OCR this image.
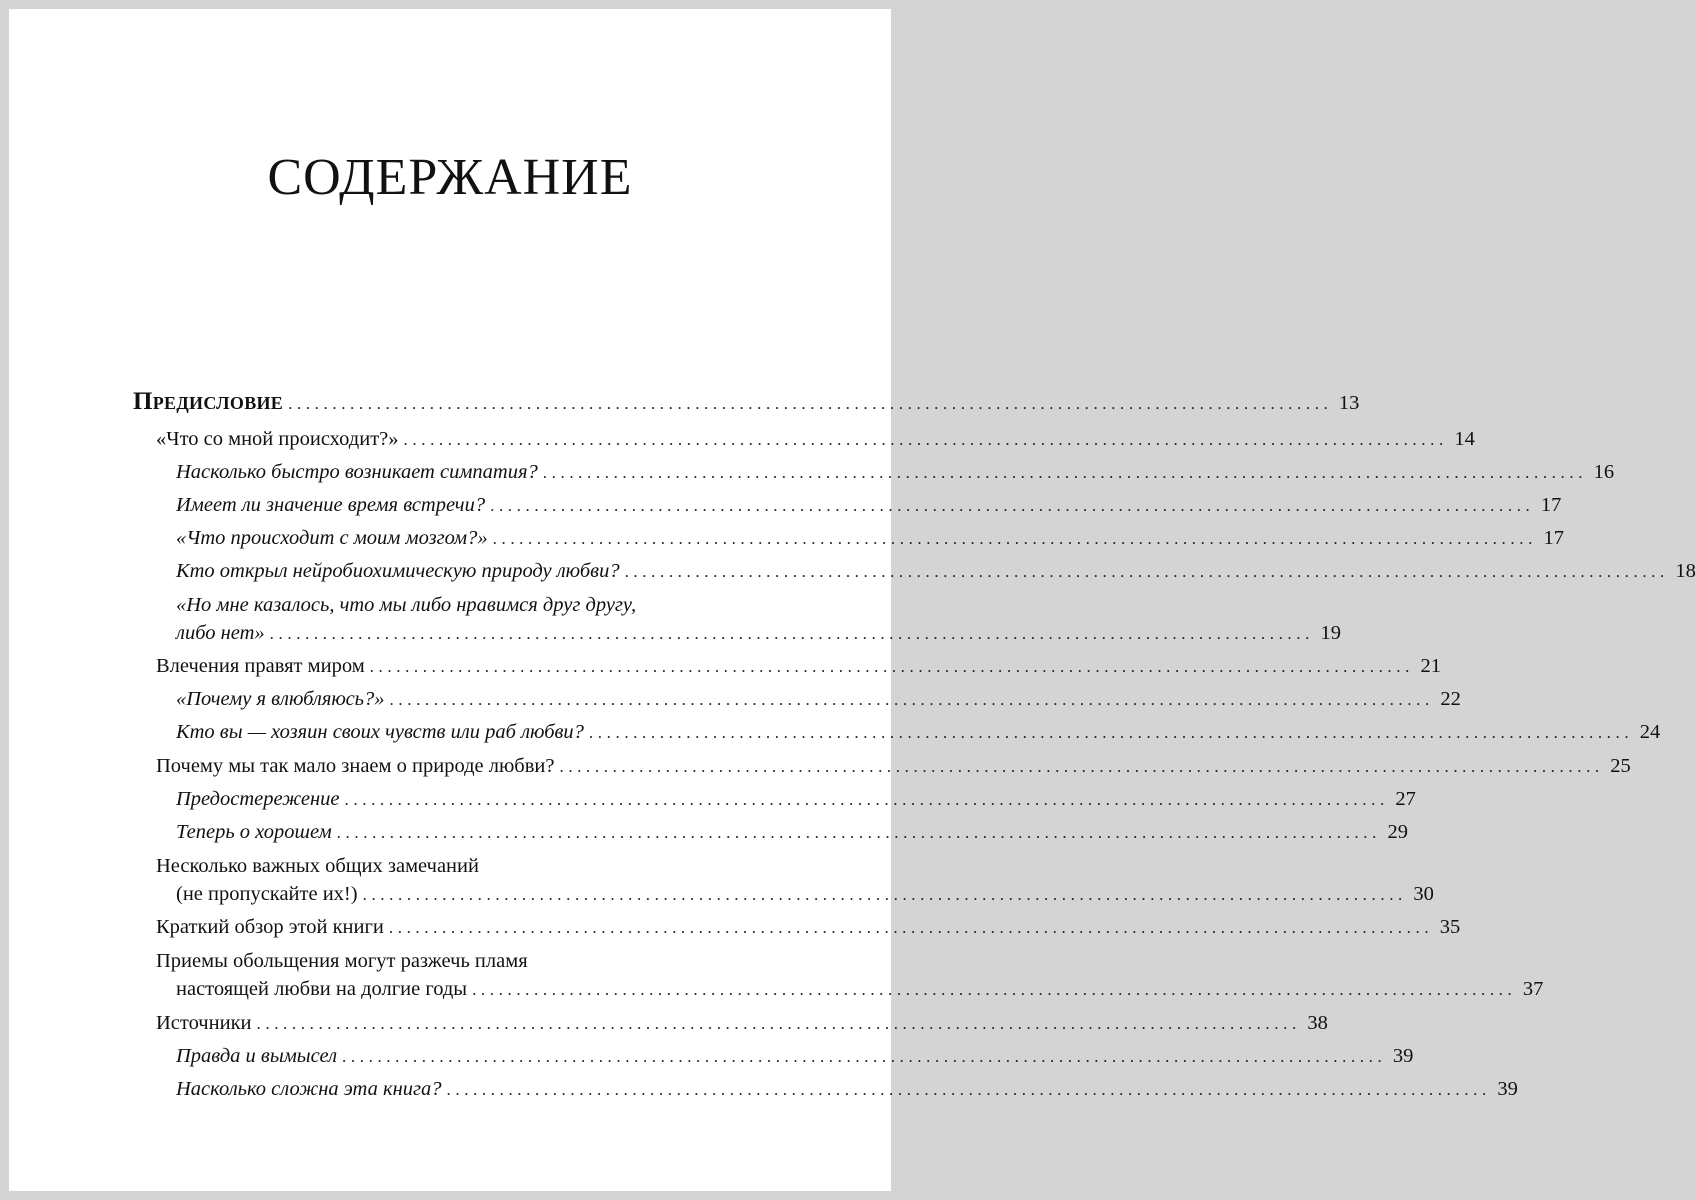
СОДЕРЖАНИЕ
Предисловие ...................................................................................................................... 13
«Что со мной происходит?» ...................................................................................................................... 14
Насколько быстро возникает симпатия? ...................................................................................................................... 16
Имеет ли значение время встречи? ...................................................................................................................... 17
«Что происходит с моим мозгом?» ...................................................................................................................... 17
Кто открыл нейробиохимическую природу любви? ...................................................................................................................... 18
«Но мне казалось, что мы либо нравимся друг другу,
либо нет» ...................................................................................................................... 19
Влечения правят миром ...................................................................................................................... 21
«Почему я влюбляюсь?» ...................................................................................................................... 22
Кто вы — хозяин своих чувств или раб любви? ...................................................................................................................... 24
Почему мы так мало знаем о природе любви? ...................................................................................................................... 25
Предостережение ...................................................................................................................... 27
Теперь о хорошем ...................................................................................................................... 29
Несколько важных общих замечаний
(не пропускайте их!) ...................................................................................................................... 30
Краткий обзор этой книги ...................................................................................................................... 35
Приемы обольщения могут разжечь пламя
настоящей любви на долгие годы ...................................................................................................................... 37
Источники ...................................................................................................................... 38
Правда и вымысел ...................................................................................................................... 39
Насколько сложна эта книга? ...................................................................................................................... 39
